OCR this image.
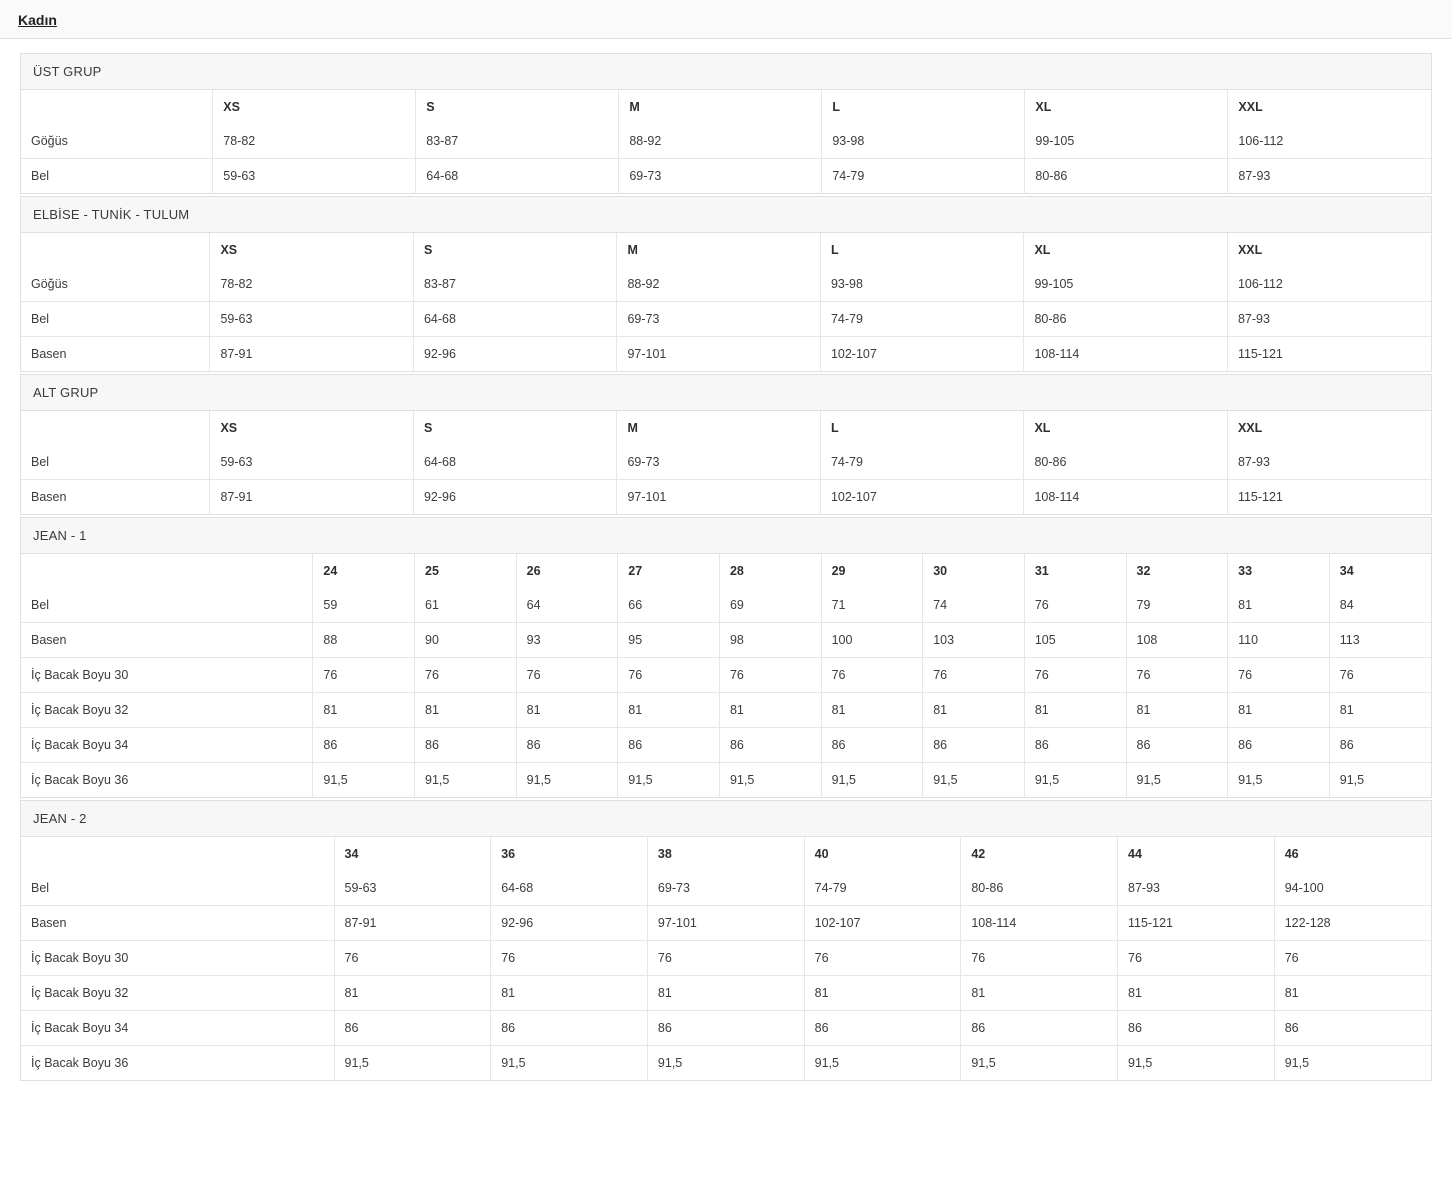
Kadın
ÜST GRUP
	XS	S	M	L	XL	XXL
Göğüs	78-82	83-87	88-92	93-98	99-105	106-112
Bel	59-63	64-68	69-73	74-79	80-86	87-93
ELBİSE - TUNİK - TULUM
	XS	S	M	L	XL	XXL
Göğüs	78-82	83-87	88-92	93-98	99-105	106-112
Bel	59-63	64-68	69-73	74-79	80-86	87-93
Basen	87-91	92-96	97-101	102-107	108-114	115-121
ALT GRUP
	XS	S	M	L	XL	XXL
Bel	59-63	64-68	69-73	74-79	80-86	87-93
Basen	87-91	92-96	97-101	102-107	108-114	115-121
JEAN - 1
	24	25	26	27	28	29	30	31	32	33	34
Bel	59	61	64	66	69	71	74	76	79	81	84
Basen	88	90	93	95	98	100	103	105	108	110	113
İç Bacak Boyu 30	76	76	76	76	76	76	76	76	76	76	76
İç Bacak Boyu 32	81	81	81	81	81	81	81	81	81	81	81
İç Bacak Boyu 34	86	86	86	86	86	86	86	86	86	86	86
İç Bacak Boyu 36	91,5	91,5	91,5	91,5	91,5	91,5	91,5	91,5	91,5	91,5	91,5
JEAN - 2
	34	36	38	40	42	44	46
Bel	59-63	64-68	69-73	74-79	80-86	87-93	94-100
Basen	87-91	92-96	97-101	102-107	108-114	115-121	122-128
İç Bacak Boyu 30	76	76	76	76	76	76	76
İç Bacak Boyu 32	81	81	81	81	81	81	81
İç Bacak Boyu 34	86	86	86	86	86	86	86
İç Bacak Boyu 36	91,5	91,5	91,5	91,5	91,5	91,5	91,5
